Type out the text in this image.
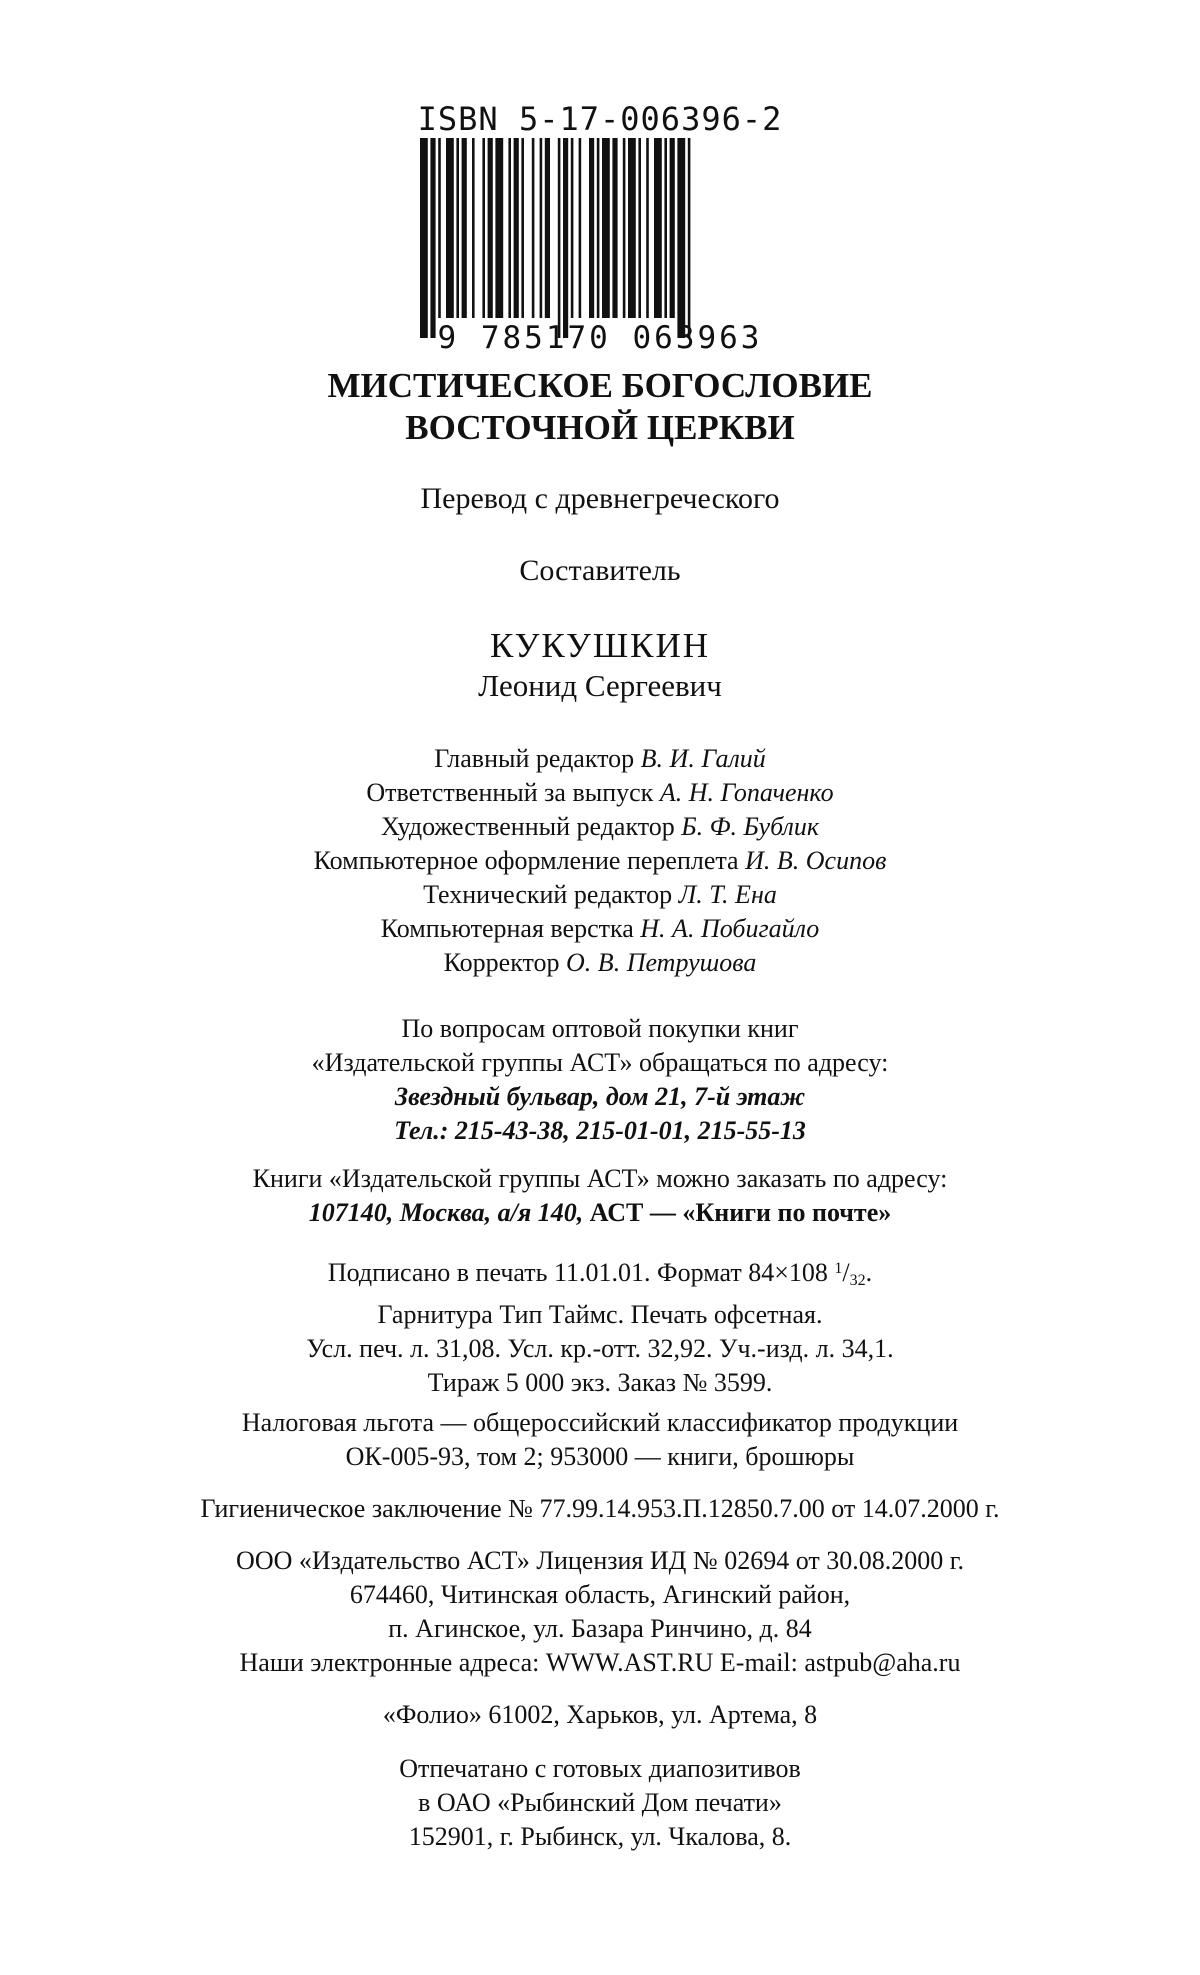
ISBN 5-17-006396-2
9 785170 063963
МИСТИЧЕСКОЕ БОГОСЛОВИЕ
ВОСТОЧНОЙ ЦЕРКВИ
Перевод с древнегреческого
Составитель
КУКУШКИН
Леонид Сергеевич
Главный редактор В. И. Галий
Ответственный за выпуск А. Н. Гопаченко
Художественный редактор Б. Ф. Бублик
Компьютерное оформление переплета И. В. Осипов
Технический редактор Л. Т. Ена
Компьютерная верстка Н. А. Побигайло
Корректор О. В. Петрушова
По вопросам оптовой покупки книг
«Издательской группы АСТ» обращаться по адресу:
Звездный бульвар, дом 21, 7-й этаж
Тел.: 215-43-38, 215-01-01, 215-55-13
Книги «Издательской группы АСТ» можно заказать по адресу:
107140, Москва, а/я 140, АСТ — «Книги по почте»
Подписано в печать 11.01.01. Формат 84×108 $^1/_{32}$.
Гарнитура Тип Таймс. Печать офсетная.
Усл. печ. л. 31,08. Усл. кр.-отт. 32,92. Уч.-изд. л. 34,1.
Тираж 5 000 экз. Заказ № 3599.
Налоговая льгота — общероссийский классификатор продукции
ОК-005-93, том 2; 953000 — книги, брошюры
Гигиеническое заключение № 77.99.14.953.П.12850.7.00 от 14.07.2000 г.
ООО «Издательство АСТ» Лицензия ИД № 02694 от 30.08.2000 г.
674460, Читинская область, Агинский район,
п. Агинское, ул. Базара Ринчино, д. 84
Наши электронные адреса: WWW.AST.RU E-mail: astpub@aha.ru
«Фолио» 61002, Харьков, ул. Артема, 8
Отпечатано с готовых диапозитивов
в ОАО «Рыбинский Дом печати»
152901, г. Рыбинск, ул. Чкалова, 8.
